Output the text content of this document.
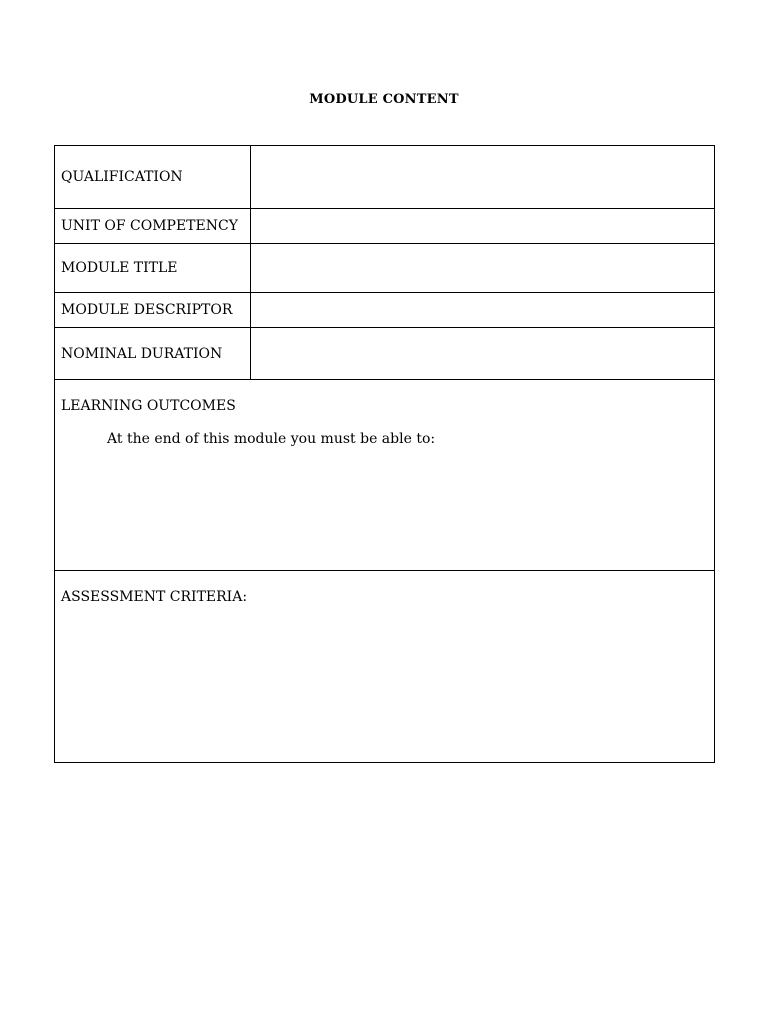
MODULE CONTENT
QUALIFICATION	
UNIT OF COMPETENCY	
MODULE TITLE	
MODULE DESCRIPTOR	
NOMINAL DURATION	

LEARNING OUTCOMES
At the end of this module you must be able to:	

ASSESSMENT CRITERIA:	
